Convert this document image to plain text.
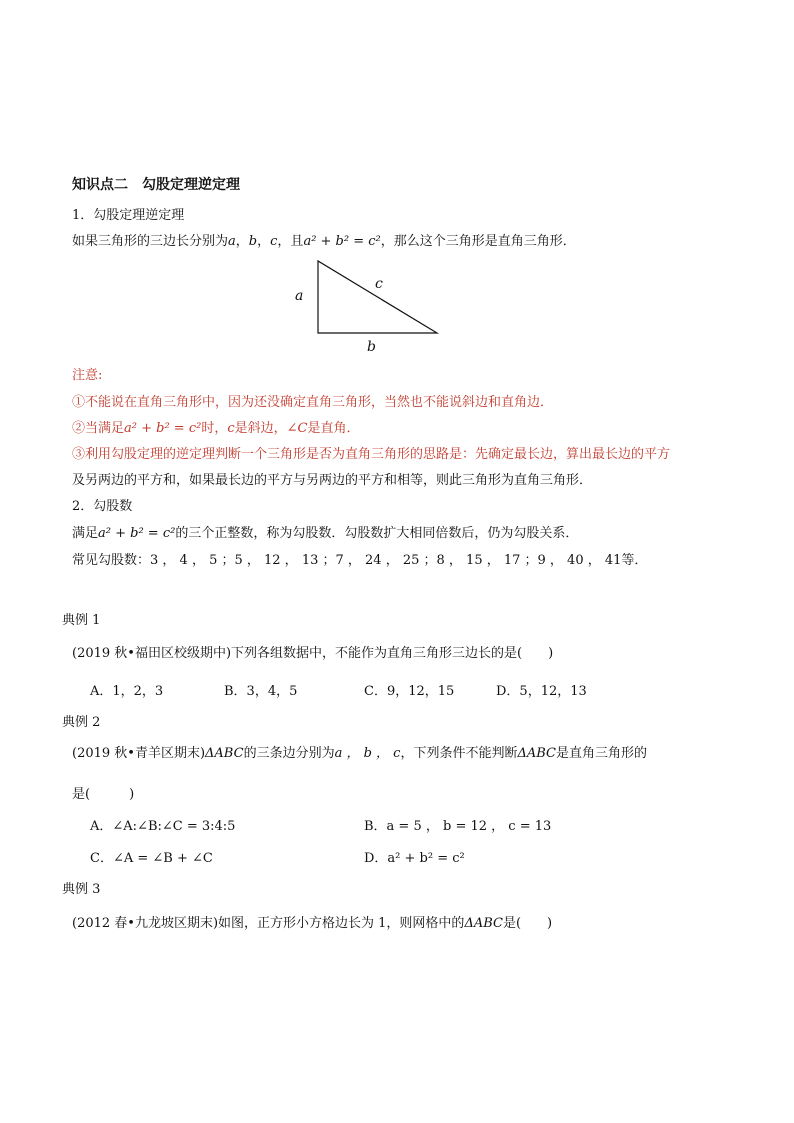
知识点二　勾股定理逆定理
1．勾股定理逆定理
如果三角形的三边长分别为a，b，c，且a² + b² = c²，那么这个三角形是直角三角形．
a
c
b
注意:
①不能说在直角三角形中，因为还没确定直角三角形，当然也不能说斜边和直角边．
②当满足a² + b² = c²时，c是斜边，∠C是直角．
③利用勾股定理的逆定理判断一个三角形是否为直角三角形的思路是：先确定最长边，算出最长边的平方
及另两边的平方和，如果最长边的平方与另两边的平方和相等，则此三角形为直角三角形．
2．勾股数
满足a² + b² = c²的三个正整数，称为勾股数．勾股数扩大相同倍数后，仍为勾股关系．
常见勾股数：3 ， 4 ， 5 ；5 ， 12 ， 13 ；7 ， 24 ， 25 ；8 ， 15 ， 17 ；9 ， 40 ， 41等．
典例 1
(2019 秋•福田区校级期中)下列各组数据中，不能作为直角三角形三边长的是(　　)
A．1，2，3	B．3，4，5	C．9，12，15	D．5，12，13
典例 2
(2019 秋•青羊区期末)ΔABC的三条边分别为a ， b ， c，下列条件不能判断ΔABC是直角三角形的
是(　　　)
A．∠A:∠B:∠C = 3:4:5	B．a = 5 ， b = 12 ， c = 13
C．∠A = ∠B + ∠C	D．a² + b² = c²
典例 3
(2012 春•九龙坡区期末)如图，正方形小方格边长为 1，则网格中的ΔABC是(　　)
